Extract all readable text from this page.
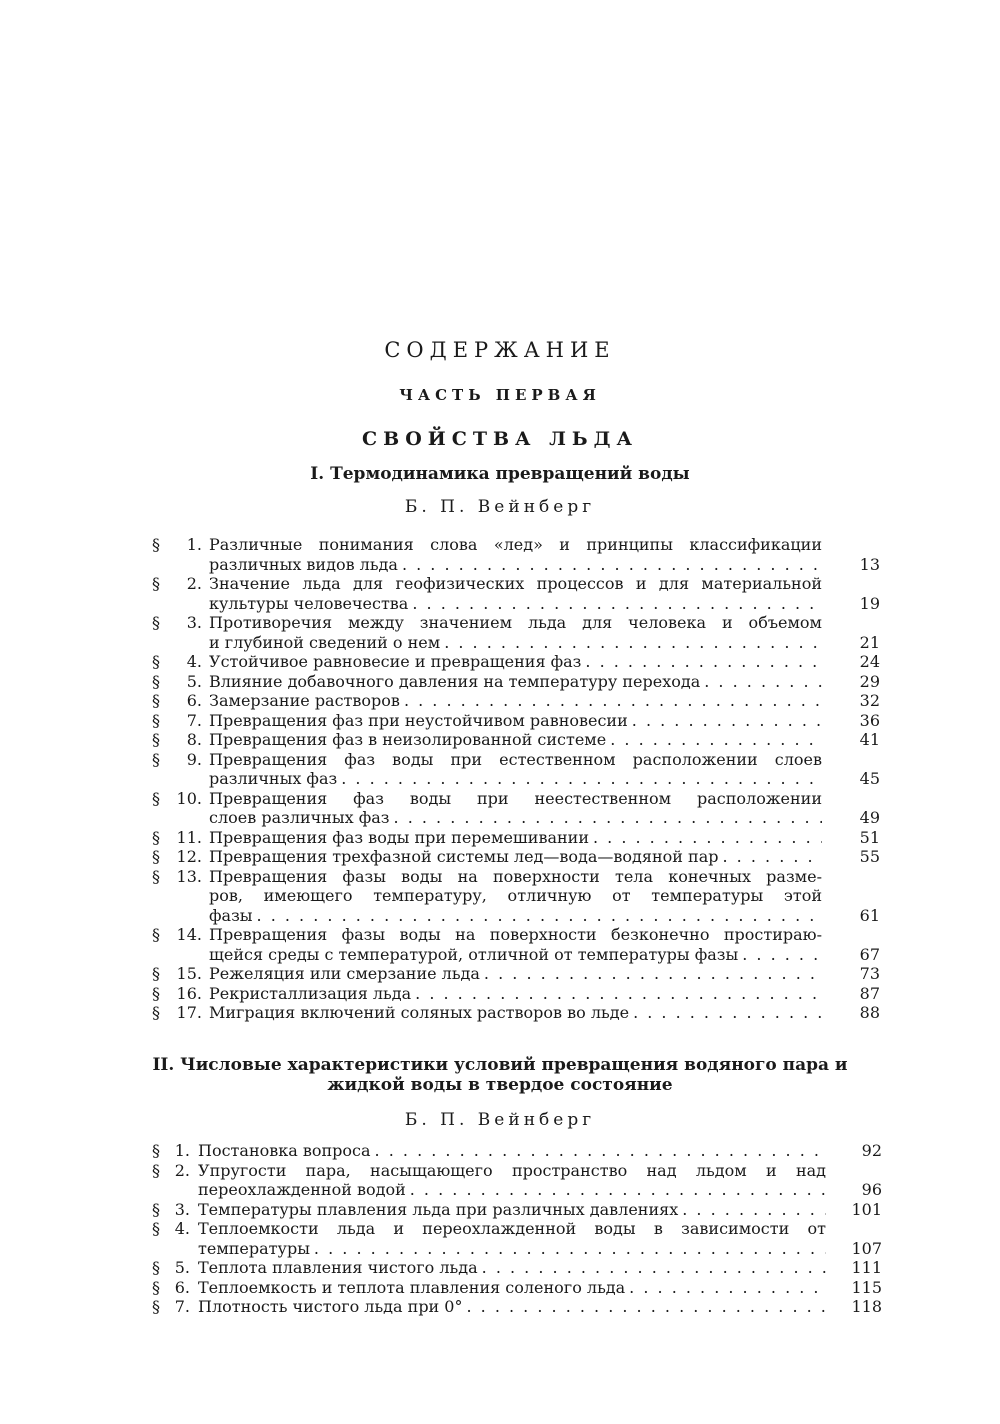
СОДЕРЖАНИЕ
ЧАСТЬ ПЕРВАЯ
СВОЙСТВА ЛЬДА
I. Термодинамика превращений воды
Б. П. Вейнберг
II. Числовые характеристики условий превращения водяного пара и
жидкой воды в твердое состояние
Б. П. Вейнберг
§	1. Различные понимания слова «лед» и принципы классификации
различных видов льда . . .	13
§	2. Значение льда для геофизических процессов и для материальной
культуры человечества . . .	19
§	3. Противоречия между значением льда для человека и объемом
и глубиной сведений о нем . . .	21
§	4. Устойчивое равновесие и превращения фаз . . .	24
§	5. Влияние добавочного давления на температуру перехода . . .	29
§	6. Замерзание растворов . . .	32
§	7. Превращения фаз при неустойчивом равновесии . . .	36
§	8. Превращения фаз в неизолированной системе . . .	41
§	9. Превращения фаз воды при естественном расположении слоев
различных фаз . . .	45
§	10. Превращения фаз воды при неестественном расположении
слоев различных фаз . . .	49
§	11. Превращения фаз воды при перемешивании . . .	51
§	12. Превращения трехфазной системы лед—вода—водяной пар . . .	55
§	13. Превращения фазы воды на поверхности тела конечных разме-
ров, имеющего температуру, отличную от температуры этой
фазы . . .	61
§	14. Превращения фазы воды на поверхности безконечно простираю-
щейся среды с температурой, отличной от температуры фазы . . .	67
§	15. Режеляция или смерзание льда . . .	73
§	16. Рекристаллизация льда . . .	87
§	17. Миграция включений соляных растворов во льде . . .	88
§ 1. Постановка вопроса . . .	92
§ 2. Упругости пара, насыщающего пространство над льдом и над
переохлажденной водой . . .	96
§ 3. Температуры плавления льда при различных давлениях . . .	101
§ 4. Теплоемкости льда и переохлажденной воды в зависимости от
температуры . . .	107
§ 5. Теплота плавления чистого льда . . .	111
§ 6. Теплоемкость и теплота плавления соленого льда . . .	115
§ 7. Плотность чистого льда при 0° . . .	118
